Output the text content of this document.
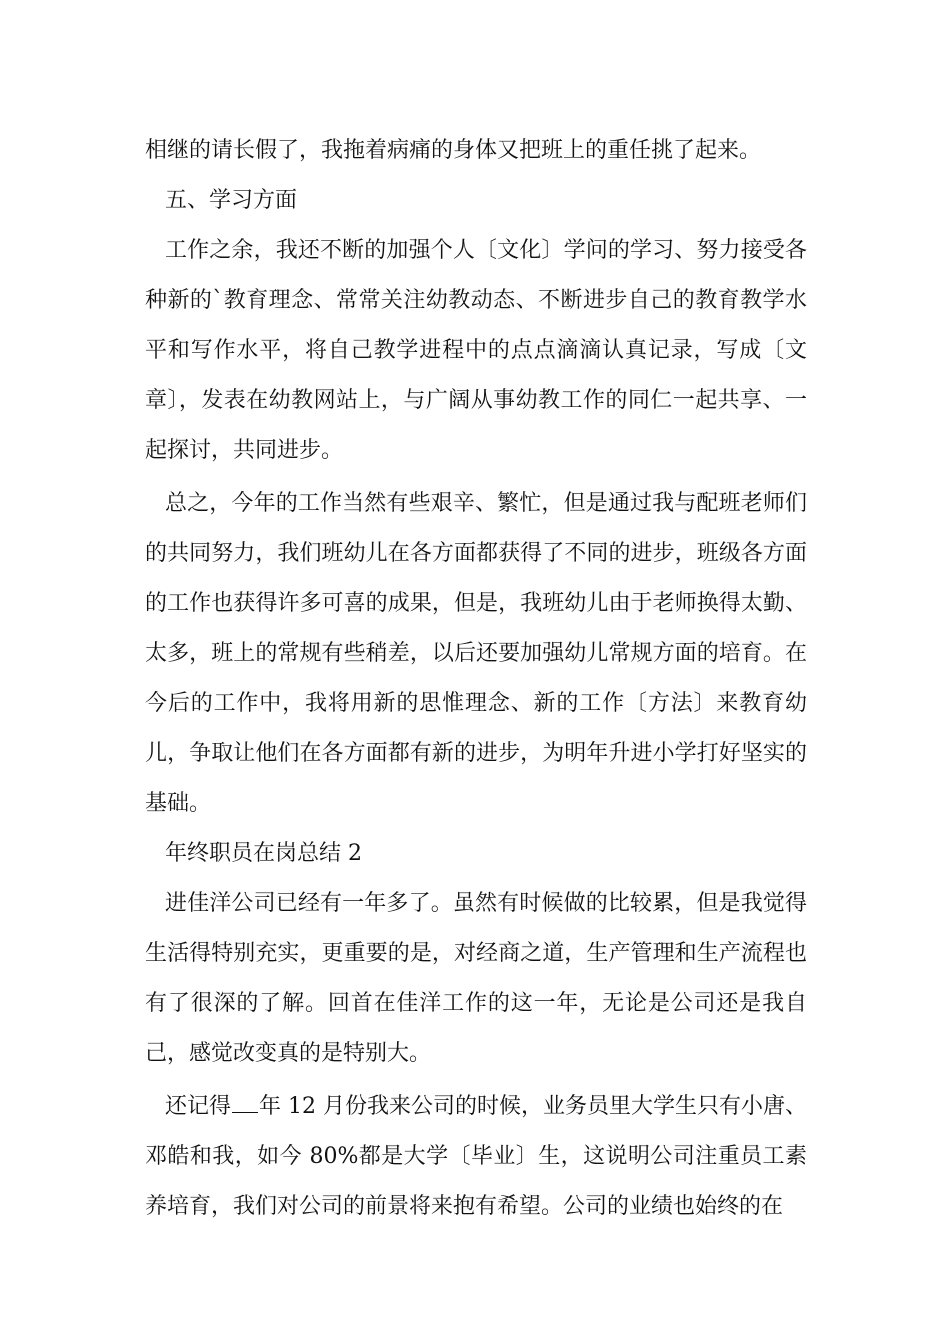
相继的请长假了，我拖着病痛的身体又把班上的重任挑了起来。

五、学习方面

工作之余，我还不断的加强个人〔文化〕学问的学习、努力接受各种新的`教育理念、常常关注幼教动态、不断进步自己的教育教学水平和写作水平，将自己教学进程中的点点滴滴认真记录，写成〔文章〕，发表在幼教网站上，与广阔从事幼教工作的同仁一起共享、一起探讨，共同进步。

总之，今年的工作当然有些艰辛、繁忙，但是通过我与配班老师们的共同努力，我们班幼儿在各方面都获得了不同的进步，班级各方面的工作也获得许多可喜的成果，但是，我班幼儿由于老师换得太勤、太多，班上的常规有些稍差，以后还要加强幼儿常规方面的培育。在今后的工作中，我将用新的思惟理念、新的工作〔方法〕来教育幼儿，争取让他们在各方面都有新的进步，为明年升进小学打好坚实的基础。

年终职员在岗总结 2

进佳洋公司已经有一年多了。虽然有时候做的比较累，但是我觉得生活得特别充实，更重要的是，对经商之道，生产管理和生产流程也有了很深的了解。回首在佳洋工作的这一年，无论是公司还是我自己，感觉改变真的是特别大。

还记得 年 12 月份我来公司的时候，业务员里大学生只有小唐、邓皓和我，如今 80%都是大学〔毕业〕生，这说明公司注重员工素养培育，我们对公司的前景将来抱有希望。公司的业绩也始终的在
